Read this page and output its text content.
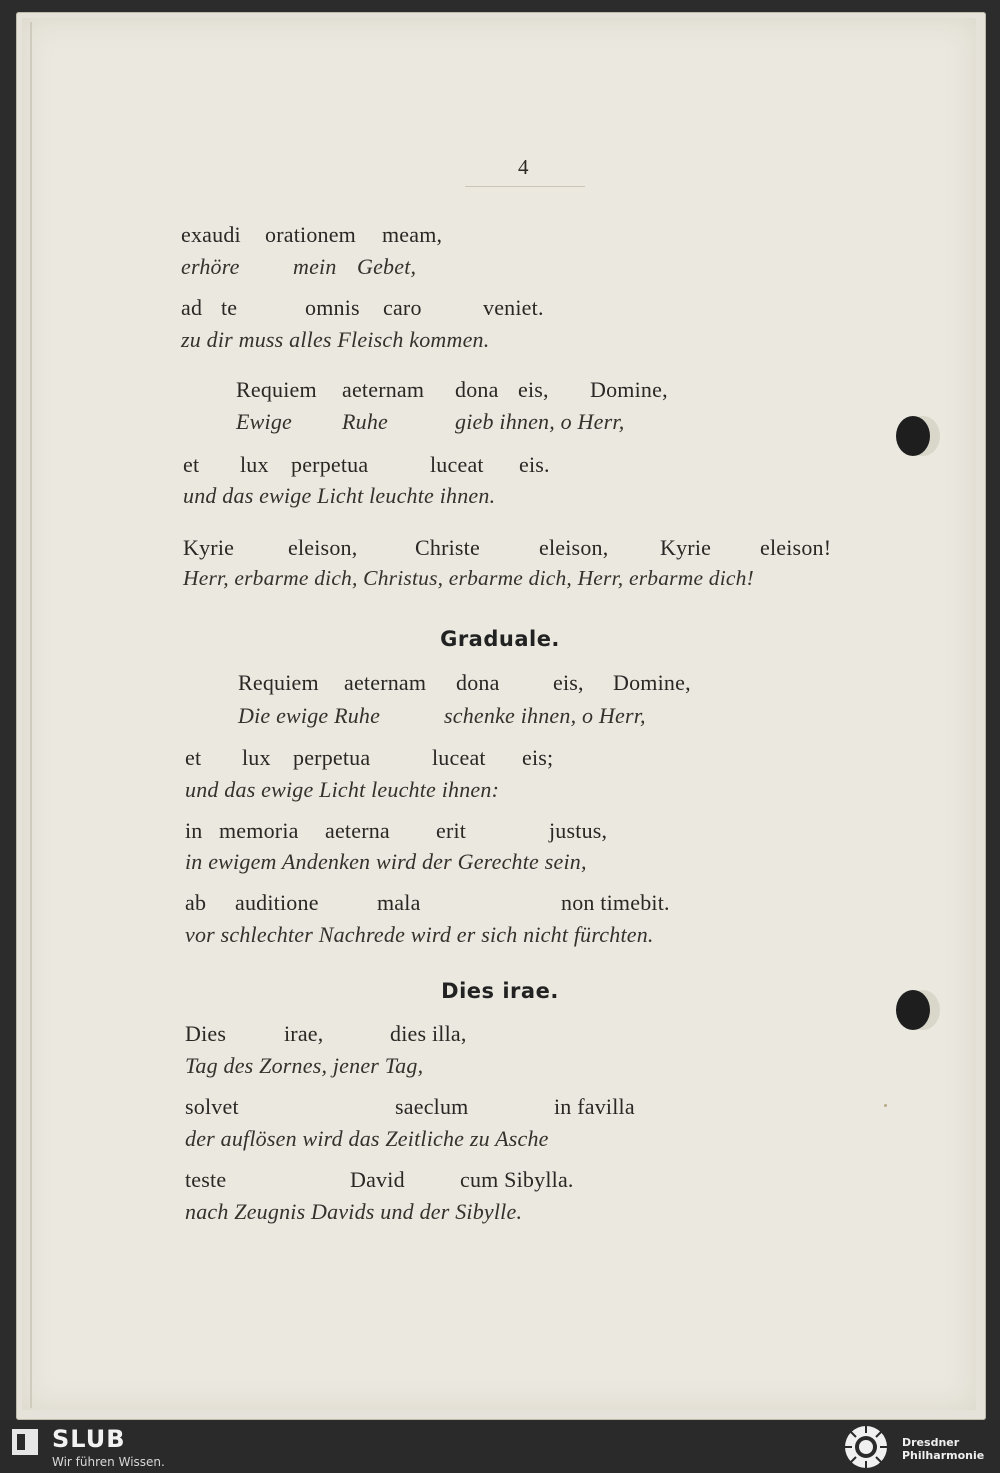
4
exaudi orationem meam,
erhöre mein Gebet,
ad te	omnis caro	veniet.
zu dir muss alles Fleisch kommen.
Requiem aeternam dona eis, Domine,
Ewige Ruhe	gieb ihnen, o Herr,
et lux perpetua	luceat eis.
und das ewige Licht leuchte ihnen.
Kyrie eleison,	Christe	eleison, Kyrie eleison!
Herr, erbarme dich, Christus, erbarme dich, Herr, erbarme dich!
Graduale.
Requiem aeternam dona eis, Domine,
Die ewige Ruhe	schenke ihnen, o Herr,
et lux perpetua	luceat eis;
und das ewige Licht leuchte ihnen:
in memoria aeterna erit	justus,
in ewigem Andenken wird der Gerechte sein,
ab auditione	mala	non timebit.
vor schlechter Nachrede wird er sich nicht fürchten.
Dies irae.
Dies	irae,	dies illa,
Tag des Zornes, jener Tag,
solvet	saeclum	in favilla
der auflösen wird das Zeitliche zu Asche
teste	David	cum Sibylla.
nach Zeugnis Davids und der Sibylle.
SLUB
Wir führen Wissen.
Dresdner Philharmonie
